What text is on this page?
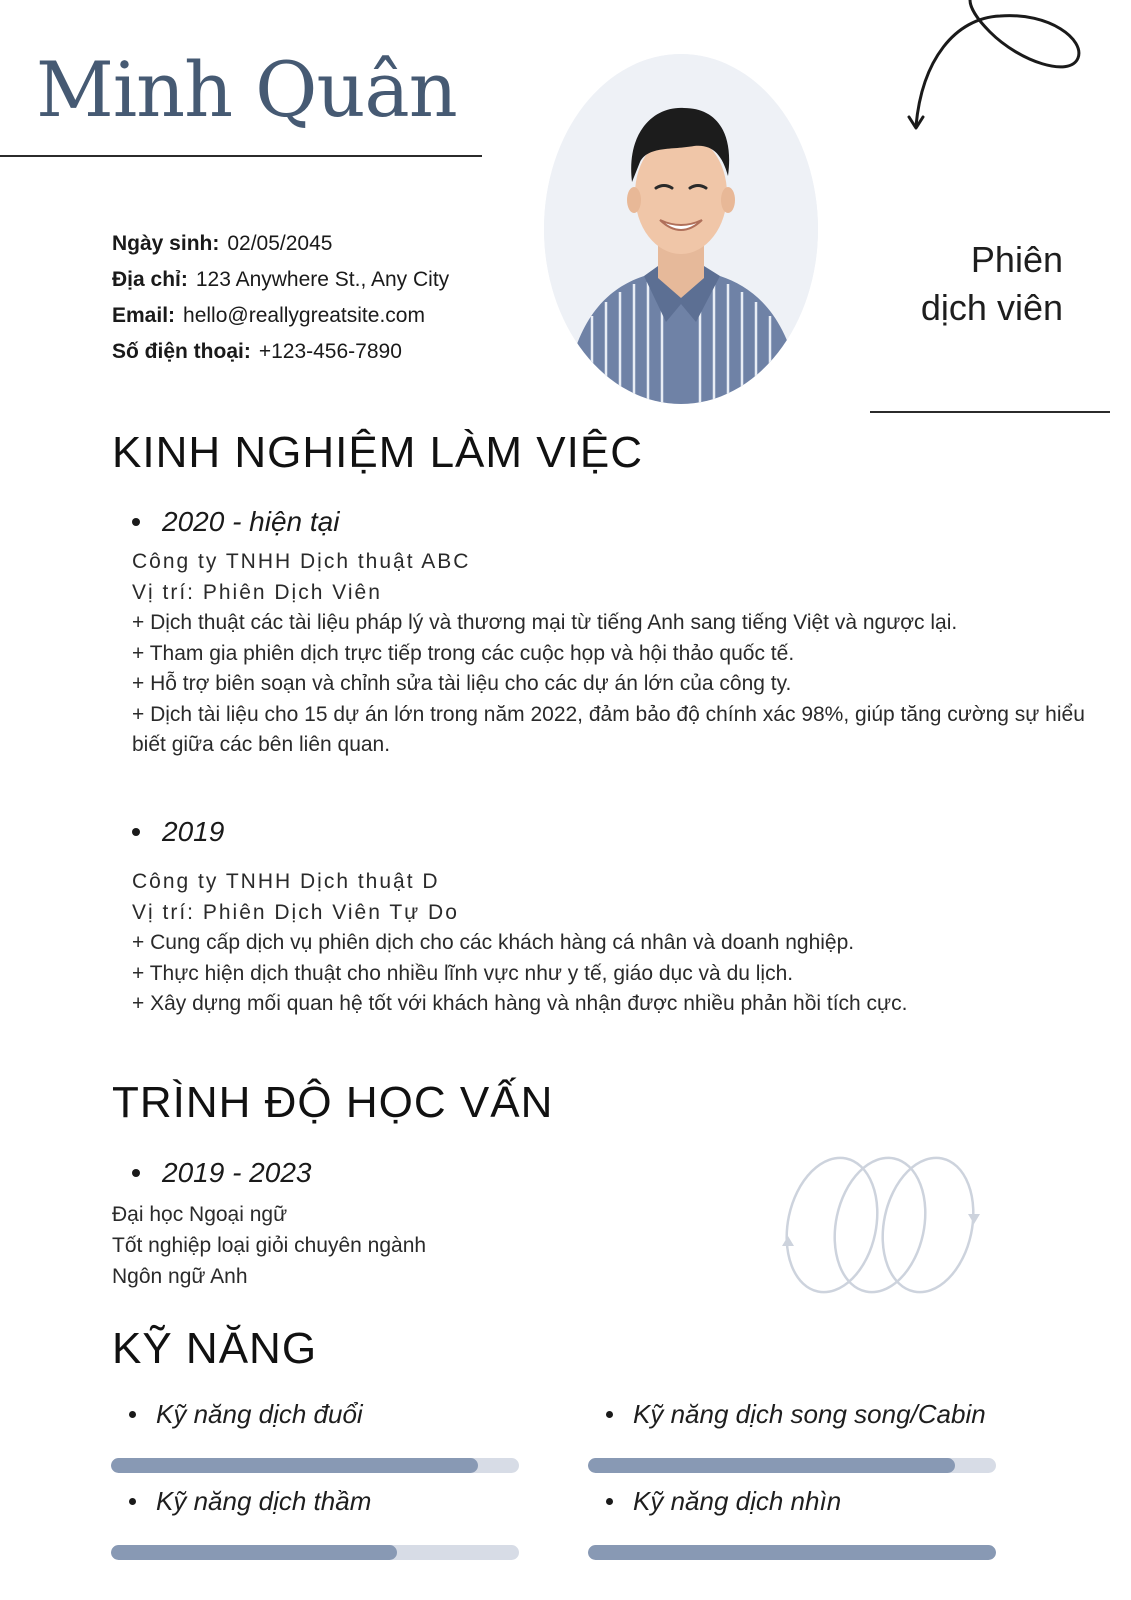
Minh Quân
Phiên
dịch viên
Ngày sinh: 02/05/2045
Địa chỉ: 123 Anywhere St., Any City
Email: hello@reallygreatsite.com
Số điện thoại: +123-456-7890
KINH NGHIỆM LÀM VIỆC
2020 - hiện tại
Công ty TNHH Dịch thuật ABC
Vị trí: Phiên Dịch Viên
+ Dịch thuật các tài liệu pháp lý và thương mại từ tiếng Anh sang tiếng Việt và ngược lại.
+ Tham gia phiên dịch trực tiếp trong các cuộc họp và hội thảo quốc tế.
+ Hỗ trợ biên soạn và chỉnh sửa tài liệu cho các dự án lớn của công ty.
+ Dịch tài liệu cho 15 dự án lớn trong năm 2022, đảm bảo độ chính xác 98%, giúp tăng cường sự hiểu biết giữa các bên liên quan.
2019
Công ty TNHH Dịch thuật D
Vị trí: Phiên Dịch Viên Tự Do
+ Cung cấp dịch vụ phiên dịch cho các khách hàng cá nhân và doanh nghiệp.
+ Thực hiện dịch thuật cho nhiều lĩnh vực như y tế, giáo dục và du lịch.
+ Xây dựng mối quan hệ tốt với khách hàng và nhận được nhiều phản hồi tích cực.
TRÌNH ĐỘ HỌC VẤN
2019 - 2023
Đại học Ngoại ngữ
Tốt nghiệp loại giỏi chuyên ngành
Ngôn ngữ Anh
KỸ NĂNG
Kỹ năng dịch đuổi	Kỹ năng dịch song song/Cabin
Kỹ năng dịch thầm	Kỹ năng dịch nhìn
